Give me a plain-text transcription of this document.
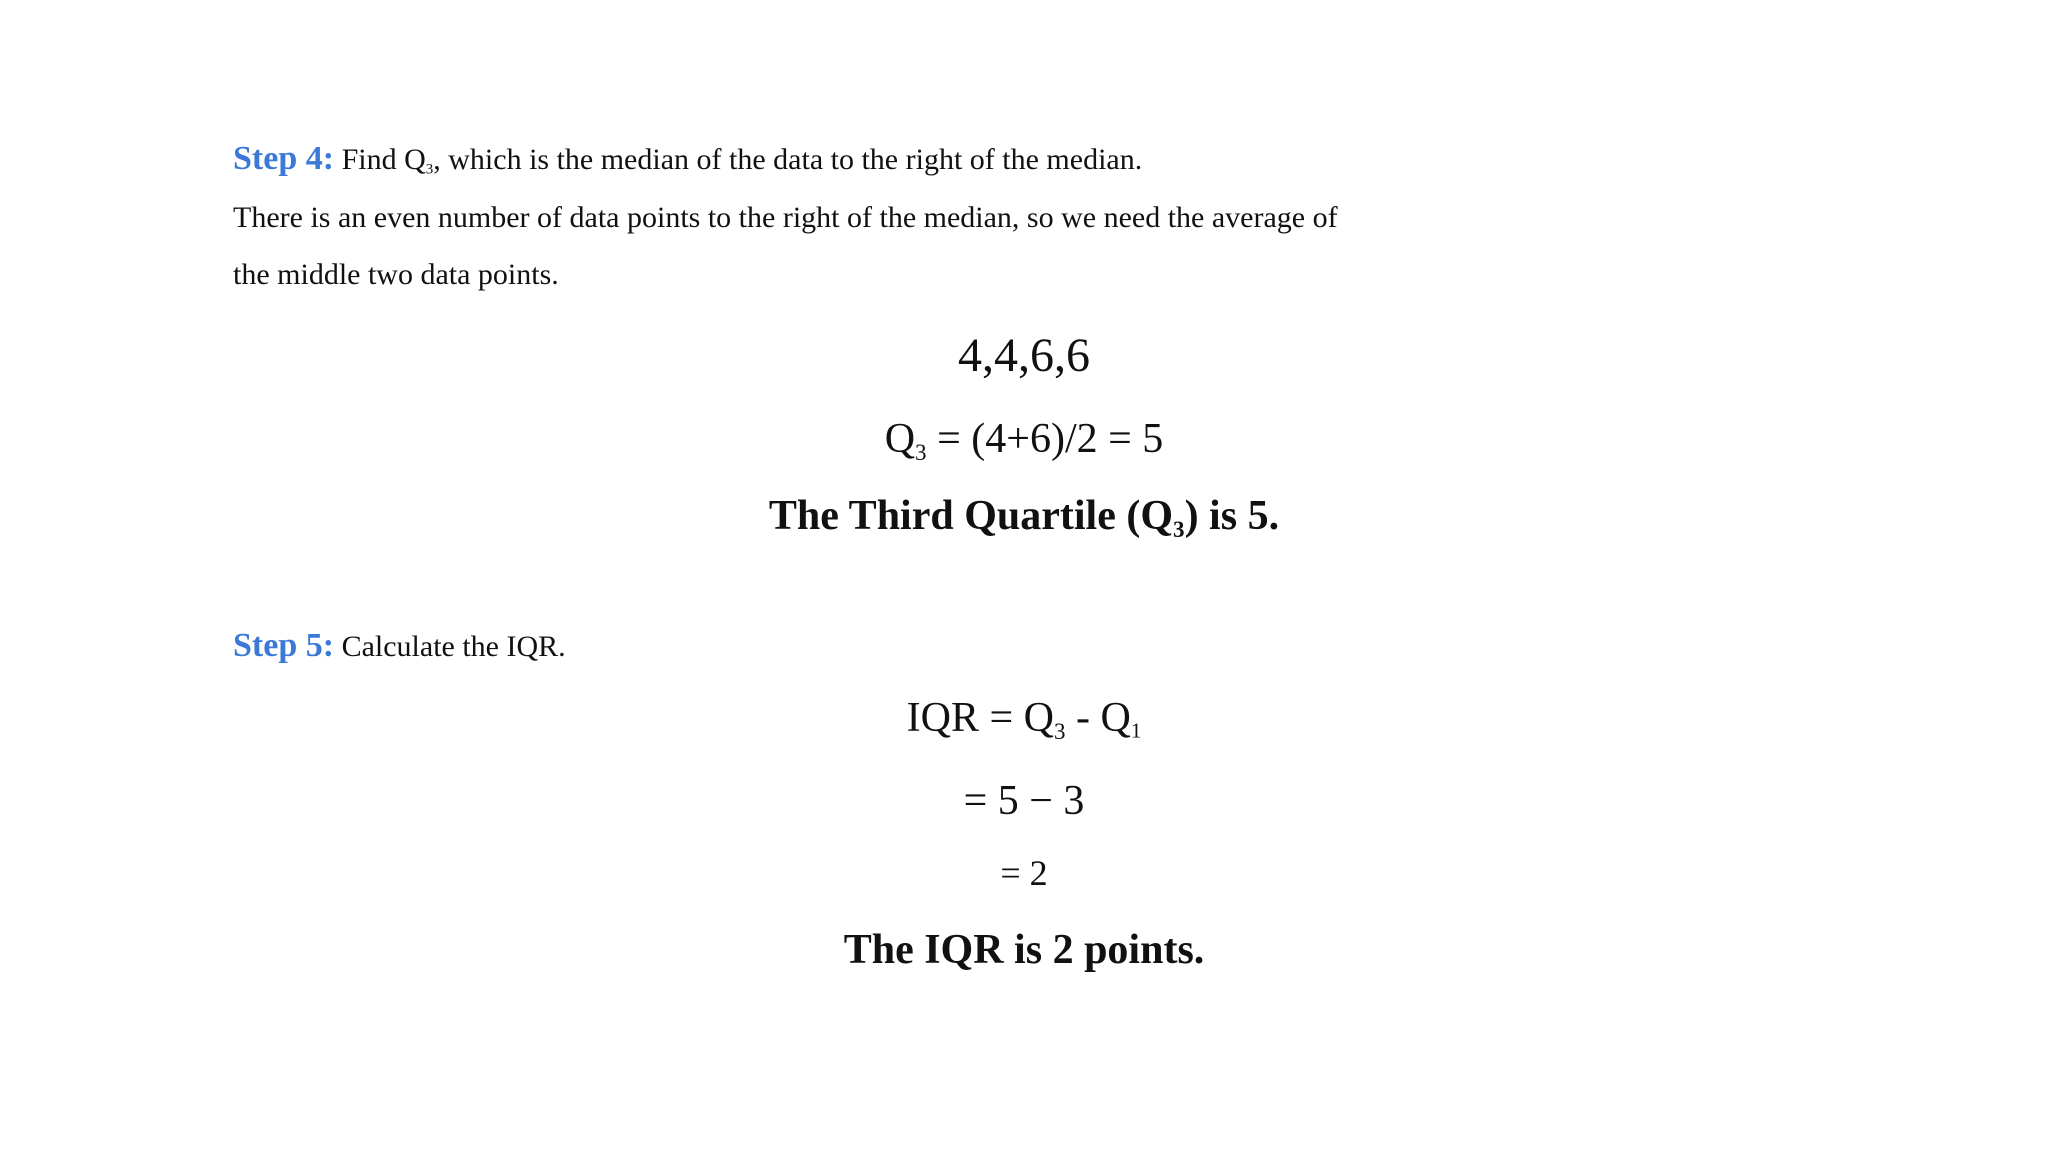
Step 4: Find $Q_3$, which is the median of the data to the right of the median.
There is an even number of data points to the right of the median, so we need the average of
the middle two data points.
4,4,6,6
$Q_3 = (4+6)/2 = 5$
The Third Quartile $(Q_3)$ is 5.
Step 5: Calculate the IQR.
IQR = $Q_3 - Q_1$
= 5 − 3
= 2
The IQR is 2 points.
